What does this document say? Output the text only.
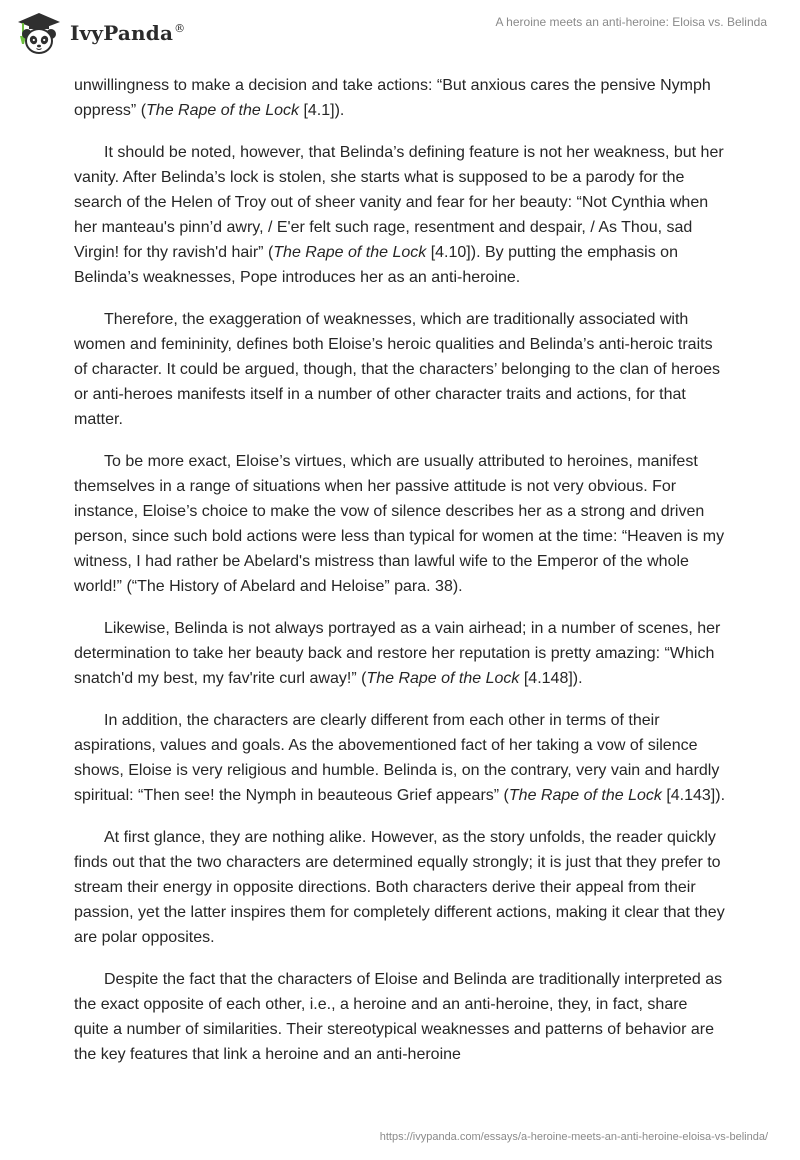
IvyPanda®	A heroine meets an anti-heroine: Eloisa vs. Belinda

unwillingness to make a decision and take actions: “But anxious cares the pensive Nymph oppress” (The Rape of the Lock [4.1]).

It should be noted, however, that Belinda’s defining feature is not her weakness, but her vanity. After Belinda’s lock is stolen, she starts what is supposed to be a parody for the search of the Helen of Troy out of sheer vanity and fear for her beauty: “Not Cynthia when her manteau's pinn’d awry, / E'er felt such rage, resentment and despair, / As Thou, sad Virgin! for thy ravish'd hair” (The Rape of the Lock [4.10]). By putting the emphasis on Belinda’s weaknesses, Pope introduces her as an anti-heroine.

Therefore, the exaggeration of weaknesses, which are traditionally associated with women and femininity, defines both Eloise’s heroic qualities and Belinda’s anti-heroic traits of character. It could be argued, though, that the characters’ belonging to the clan of heroes or anti-heroes manifests itself in a number of other character traits and actions, for that matter.

To be more exact, Eloise’s virtues, which are usually attributed to heroines, manifest themselves in a range of situations when her passive attitude is not very obvious. For instance, Eloise’s choice to make the vow of silence describes her as a strong and driven person, since such bold actions were less than typical for women at the time: “Heaven is my witness, I had rather be Abelard's mistress than lawful wife to the Emperor of the whole world!” (“The History of Abelard and Heloise” para. 38).

Likewise, Belinda is not always portrayed as a vain airhead; in a number of scenes, her determination to take her beauty back and restore her reputation is pretty amazing: “Which snatch'd my best, my fav'rite curl away!” (The Rape of the Lock [4.148]).

In addition, the characters are clearly different from each other in terms of their aspirations, values and goals. As the abovementioned fact of her taking a vow of silence shows, Eloise is very religious and humble. Belinda is, on the contrary, very vain and hardly spiritual: “Then see! the Nymph in beauteous Grief appears” (The Rape of the Lock [4.143]).

At first glance, they are nothing alike. However, as the story unfolds, the reader quickly finds out that the two characters are determined equally strongly; it is just that they prefer to stream their energy in opposite directions. Both characters derive their appeal from their passion, yet the latter inspires them for completely different actions, making it clear that they are polar opposites.

Despite the fact that the characters of Eloise and Belinda are traditionally interpreted as the exact opposite of each other, i.e., a heroine and an anti-heroine, they, in fact, share quite a number of similarities. Their stereotypical weaknesses and patterns of behavior are the key features that link a heroine and an anti-heroine

https://ivypanda.com/essays/a-heroine-meets-an-anti-heroine-eloisa-vs-belinda/
